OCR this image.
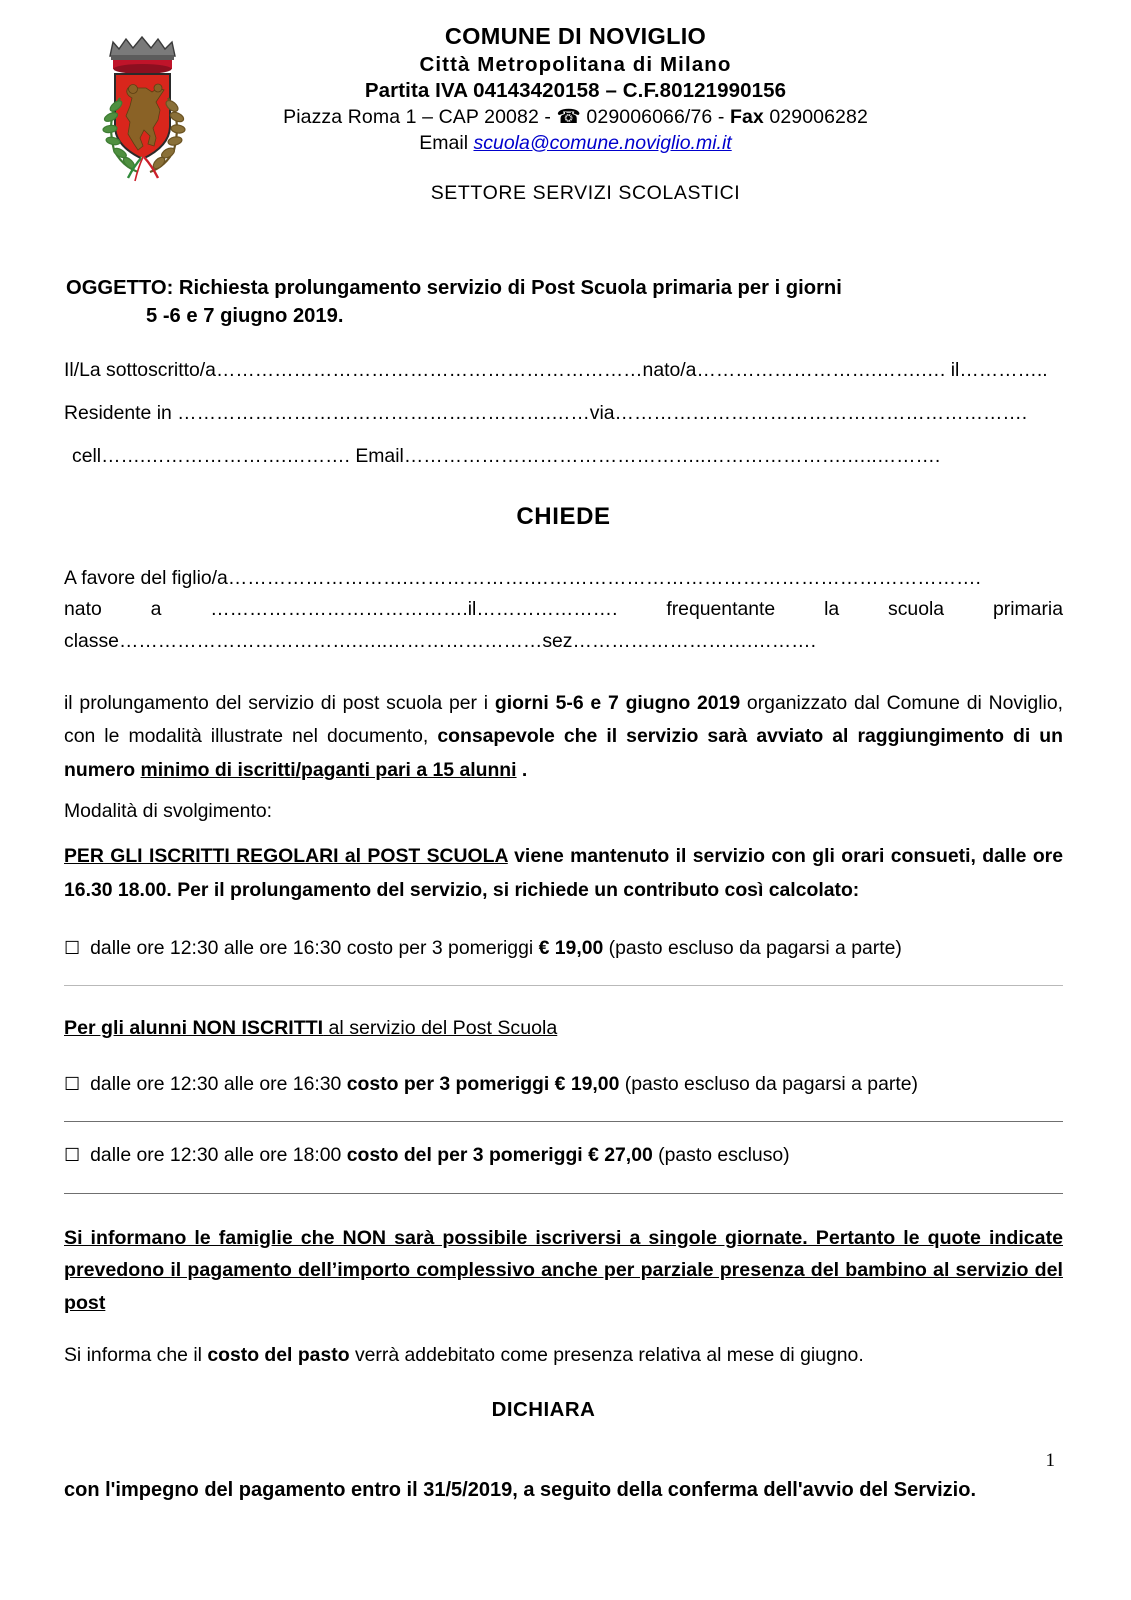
COMUNE DI NOVIGLIO
Città Metropolitana di Milano
Partita IVA 04143420158 – C.F.80121990156
Piazza Roma 1 – CAP 20082 - ☎ 029006066/76 - Fax 029006282
Email scuola@comune.noviglio.mi.it
SETTORE SERVIZI SCOLASTICI
OGGETTO: Richiesta prolungamento servizio di Post Scuola primaria per i giorni
5 -6 e 7 giugno 2019.
Il/La sottoscritto/a…………………………………………………………nato/a……………………….…….…. il…………..
Residente in ………………………………………………….……via……………………………………………………….
cell…….………………….………. Email………………………………………..………………….…..……….
CHIEDE
A favore del figlio/a……………………….……………….…………………………………………………………….
nato a ………………………………….il…………………. frequentante la scuola primaria
classe……………………………….…..……………………sez……………………….……….
il prolungamento del servizio di post scuola per i giorni 5-6 e 7 giugno 2019 organizzato dal Comune di Noviglio, con le modalità illustrate nel documento, consapevole che il servizio sarà avviato al raggiungimento di un numero minimo di iscritti/paganti pari a 15 alunni .
Modalità di svolgimento:
PER GLI ISCRITTI REGOLARI al POST SCUOLA viene mantenuto il servizio con gli orari consueti, dalle ore 16.30 18.00. Per il prolungamento del servizio, si richiede un contributo così calcolato:
☐ dalle ore 12:30 alle ore 16:30 costo per 3 pomeriggi € 19,00 (pasto escluso da pagarsi a parte)
Per gli alunni NON ISCRITTI al servizio del Post Scuola
☐ dalle ore 12:30 alle ore 16:30 costo per 3 pomeriggi € 19,00 (pasto escluso da pagarsi a parte)
☐ dalle ore 12:30 alle ore 18:00 costo del per 3 pomeriggi € 27,00 (pasto escluso)
Si informano le famiglie che NON sarà possibile iscriversi a singole giornate. Pertanto le quote indicate prevedono il pagamento dell’importo complessivo anche per parziale presenza del bambino al servizio del post
Si informa che il costo del pasto verrà addebitato come presenza relativa al mese di giugno.
DICHIARA
con l'impegno del pagamento entro il 31/5/2019, a seguito della conferma dell'avvio del Servizio.
1
